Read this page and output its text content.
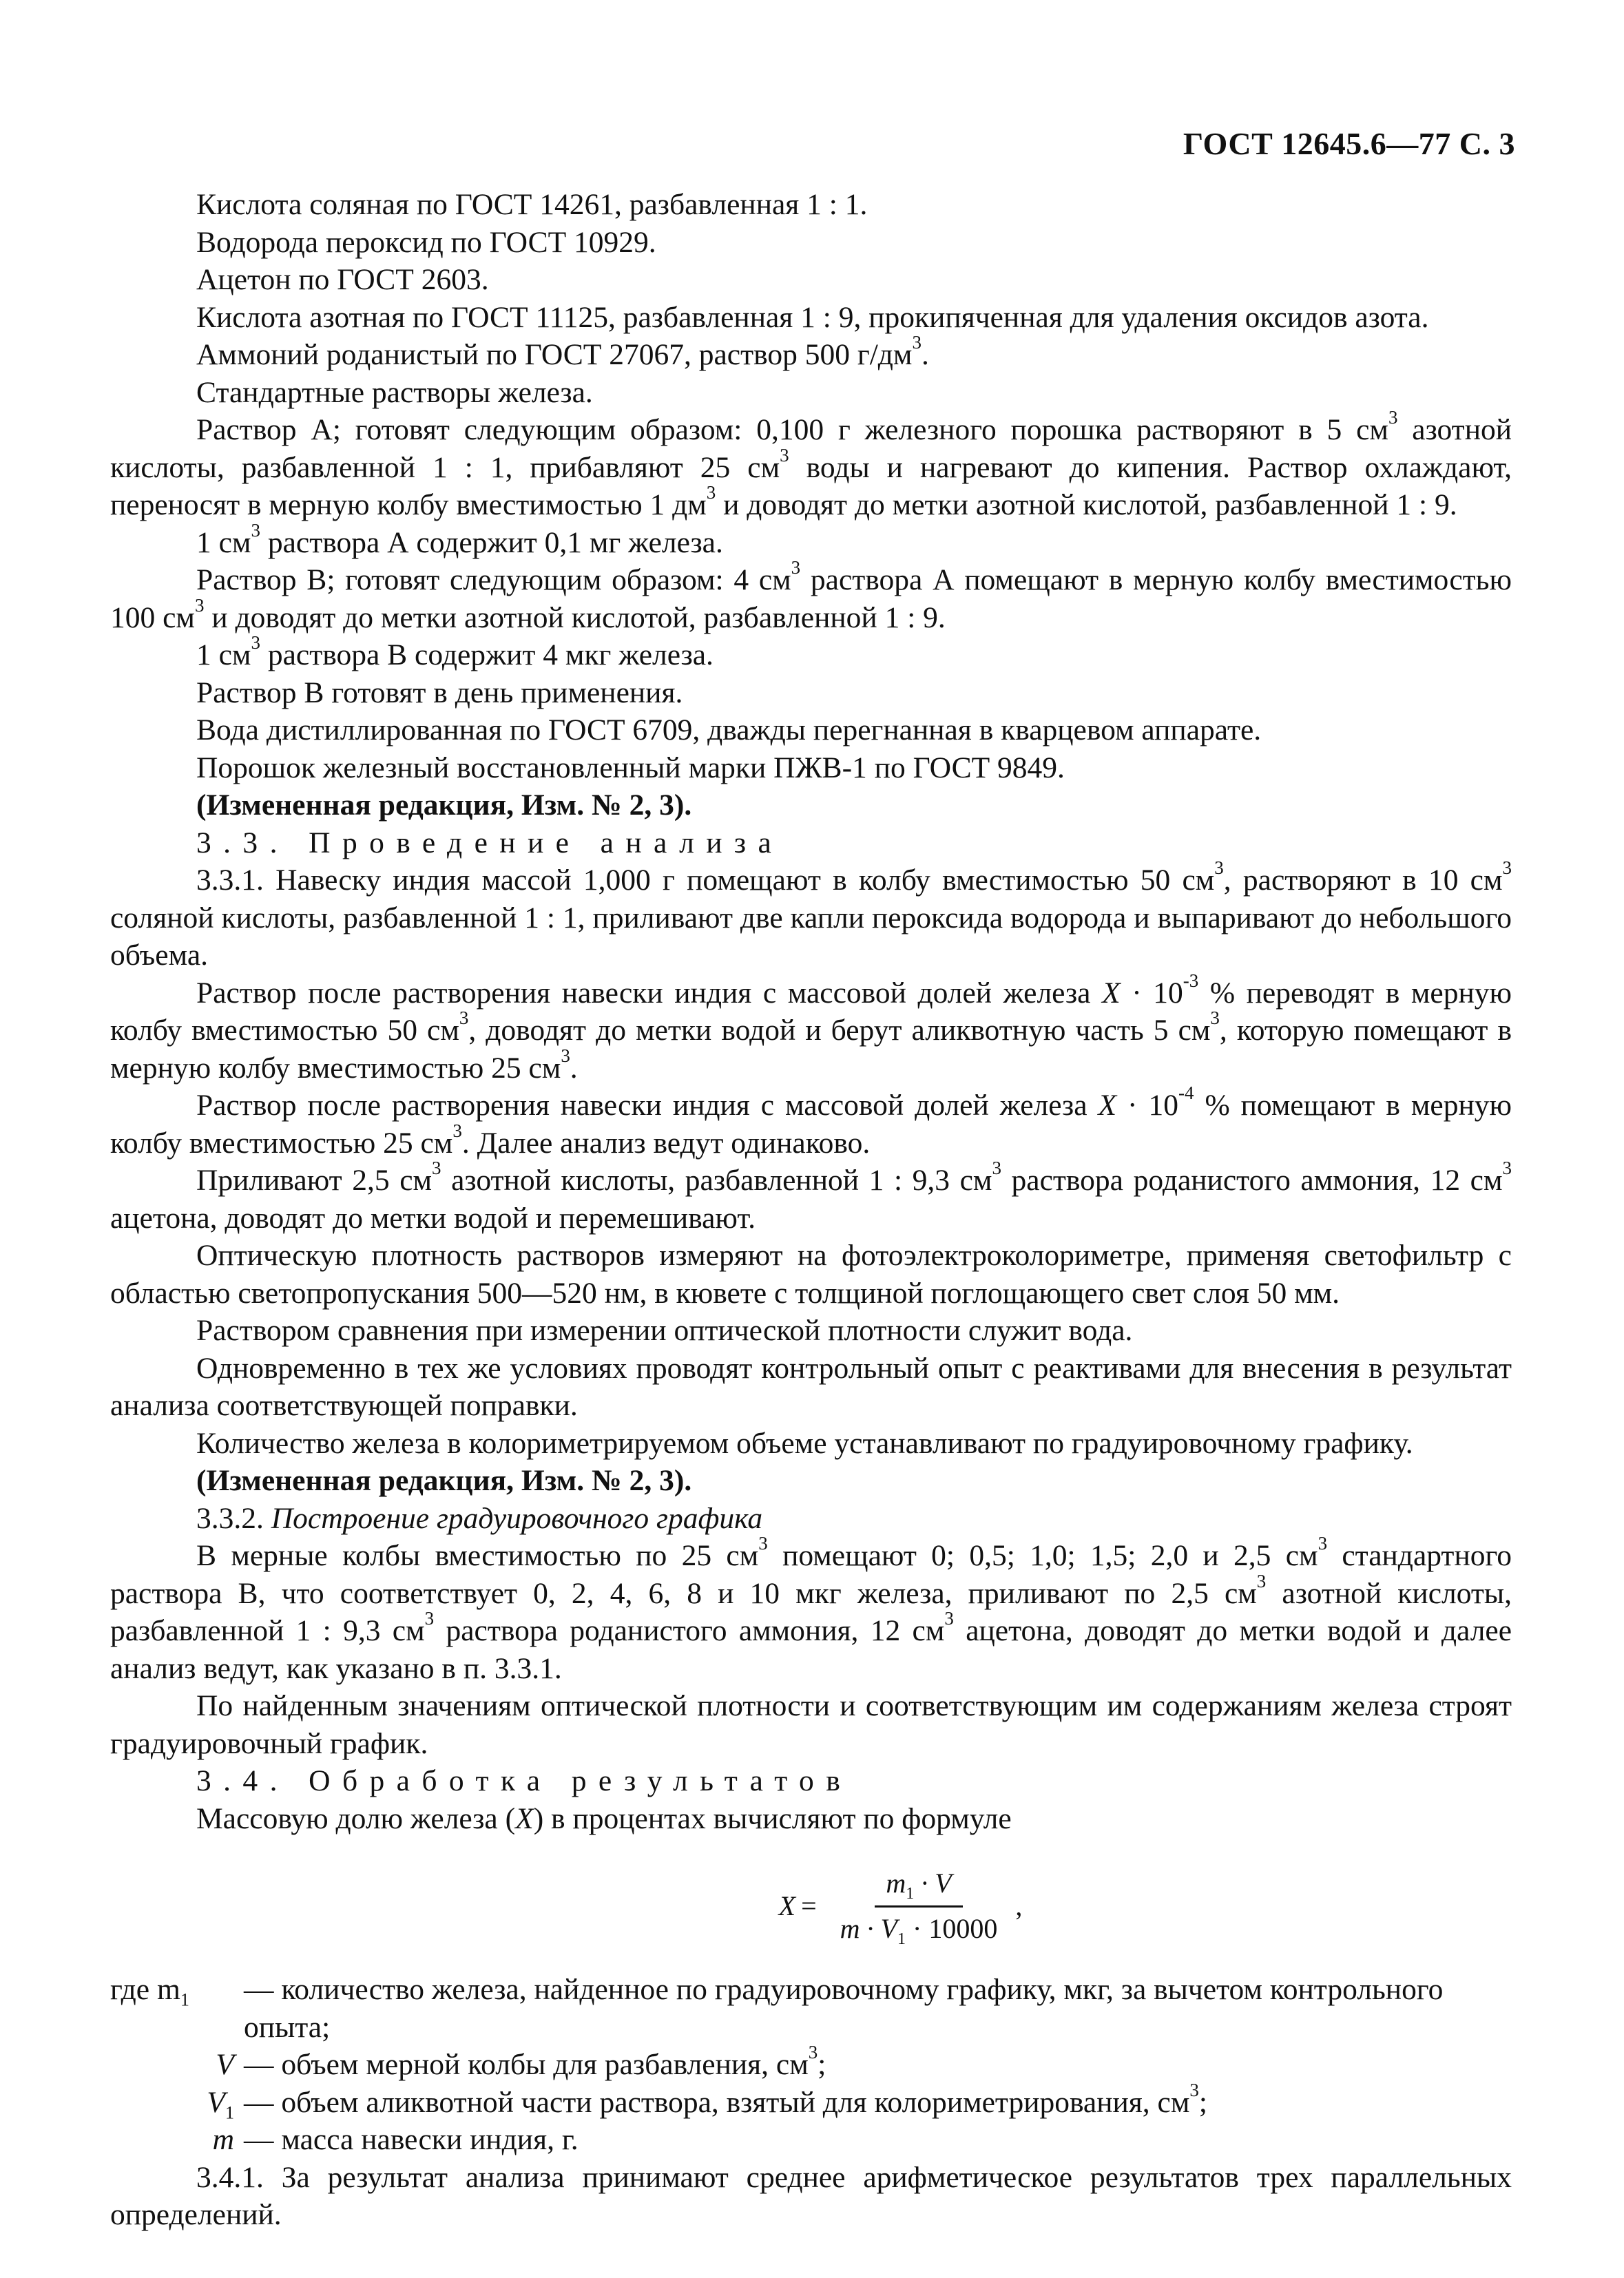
ГОСТ 12645.6—77 С. 3

Кислота соляная по ГОСТ 14261, разбавленная 1 : 1.

Водорода пероксид по ГОСТ 10929.

Ацетон по ГОСТ 2603.

Кислота азотная по ГОСТ 11125, разбавленная 1 : 9, прокипяченная для удаления оксидов азота.

Аммоний роданистый по ГОСТ 27067, раствор 500 $г/дм^3$.

Стандартные растворы железа.

Раствор А; готовят следующим образом: 0,100 г железного порошка растворяют в 5 $см^3$ азотной кислоты, разбавленной 1 : 1, прибавляют 25 $см^3$ воды и нагревают до кипения. Раствор охлаждают, переносят в мерную колбу вместимостью 1 $дм^3$ и доводят до метки азотной кислотой, разбавленной 1 : 9.

1 $см^3$ раствора А содержит 0,1 мг железа.

Раствор В; готовят следующим образом: 4 $см^3$ раствора А помещают в мерную колбу вместимостью 100 $см^3$ и доводят до метки азотной кислотой, разбавленной 1 : 9.

1 $см^3$ раствора В содержит 4 мкг железа.

Раствор В готовят в день применения.

Вода дистиллированная по ГОСТ 6709, дважды перегнанная в кварцевом аппарате.

Порошок железный восстановленный марки ПЖВ-1 по ГОСТ 9849.

(Измененная редакция, Изм. № 2, 3).

3.3. Проведение анализа

3.3.1. Навеску индия массой 1,000 г помещают в колбу вместимостью 50 $см^3$, растворяют в 10 $см^3$ соляной кислоты, разбавленной 1 : 1, приливают две капли пероксида водорода и выпаривают до небольшого объема.

Раствор после растворения навески индия с массовой долей железа $X \cdot 10^{-3}$ % переводят в мерную колбу вместимостью 50 $см^3$, доводят до метки водой и берут аликвотную часть 5 $см^3$, которую помещают в мерную колбу вместимостью 25 $см^3$.

Раствор после растворения навески индия с массовой долей железа $X \cdot 10^{-4}$ % помещают в мерную колбу вместимостью 25 $см^3$. Далее анализ ведут одинаково.

Приливают 2,5 $см^3$ азотной кислоты, разбавленной 1 : 9,3 $см^3$ раствора роданистого аммония, 12 $см^3$ ацетона, доводят до метки водой и перемешивают.

Оптическую плотность растворов измеряют на фотоэлектроколориметре, применяя светофильтр с областью светопропускания 500—520 нм, в кювете с толщиной поглощающего свет слоя 50 мм.

Раствором сравнения при измерении оптической плотности служит вода.

Одновременно в тех же условиях проводят контрольный опыт с реактивами для внесения в результат анализа соответствующей поправки.

Количество железа в колориметрируемом объеме устанавливают по градуировочному графику.

(Измененная редакция, Изм. № 2, 3).

3.3.2. Построение градуировочного графика

В мерные колбы вместимостью по 25 $см^3$ помещают 0; 0,5; 1,0; 1,5; 2,0 и 2,5 $см^3$ стандартного раствора В, что соответствует 0, 2, 4, 6, 8 и 10 мкг железа, приливают по 2,5 $см^3$ азотной кислоты, разбавленной 1 : 9,3 $см^3$ раствора роданистого аммония, 12 $см^3$ ацетона, доводят до метки водой и далее анализ ведут, как указано в п. 3.3.1.

По найденным значениям оптической плотности и соответствующим им содержаниям железа строят градуировочный график.

3.4. Обработка результатов

Массовую долю железа (X) в процентах вычисляют по формуле

$X = \frac{m_1 \cdot V}{m \cdot V_1 \cdot 10000}$ ,
где $m_1$	— количество железа, найденное по градуировочному графику, мкг, за вычетом контрольного опыта;
V — объем мерной колбы для разбавления, $см^3$;
$V_1$ — объем аликвотной части раствора, взятый для колориметрирования, $см^3$;
m — масса навески индия, г.

3.4.1. За результат анализа принимают среднее арифметическое результатов трех параллельных определений.
